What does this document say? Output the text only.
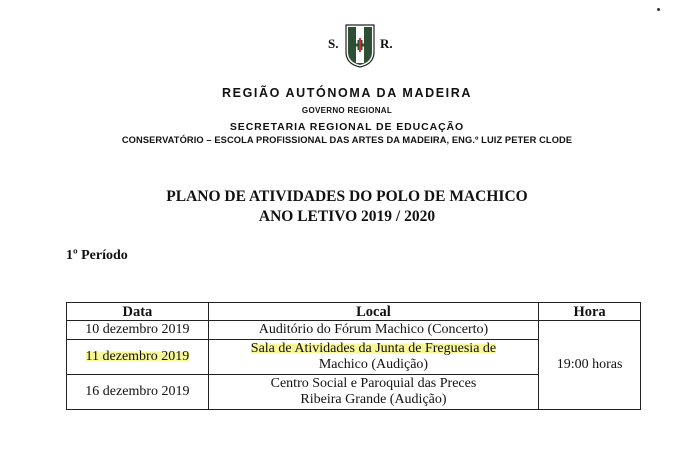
S.	R.
REGIÃO AUTÓNOMA DA MADEIRA
GOVERNO REGIONAL
SECRETARIA REGIONAL DE EDUCAÇÃO
CONSERVATÓRIO – ESCOLA PROFISSIONAL DAS ARTES DA MADEIRA, ENG.º LUIZ PETER CLODE
PLANO DE ATIVIDADES DO POLO DE MACHICO
ANO LETIVO 2019 / 2020
1º Período
Data	Local	Hora
10 dezembro 2019	Auditório do Fórum Machico (Concerto)	19:00 horas
11 dezembro 2019	Sala de Atividades da Junta de Freguesia de
Machico (Audição)	
16 dezembro 2019	Centro Social e Paroquial das Preces
Ribeira Grande (Audição)	
